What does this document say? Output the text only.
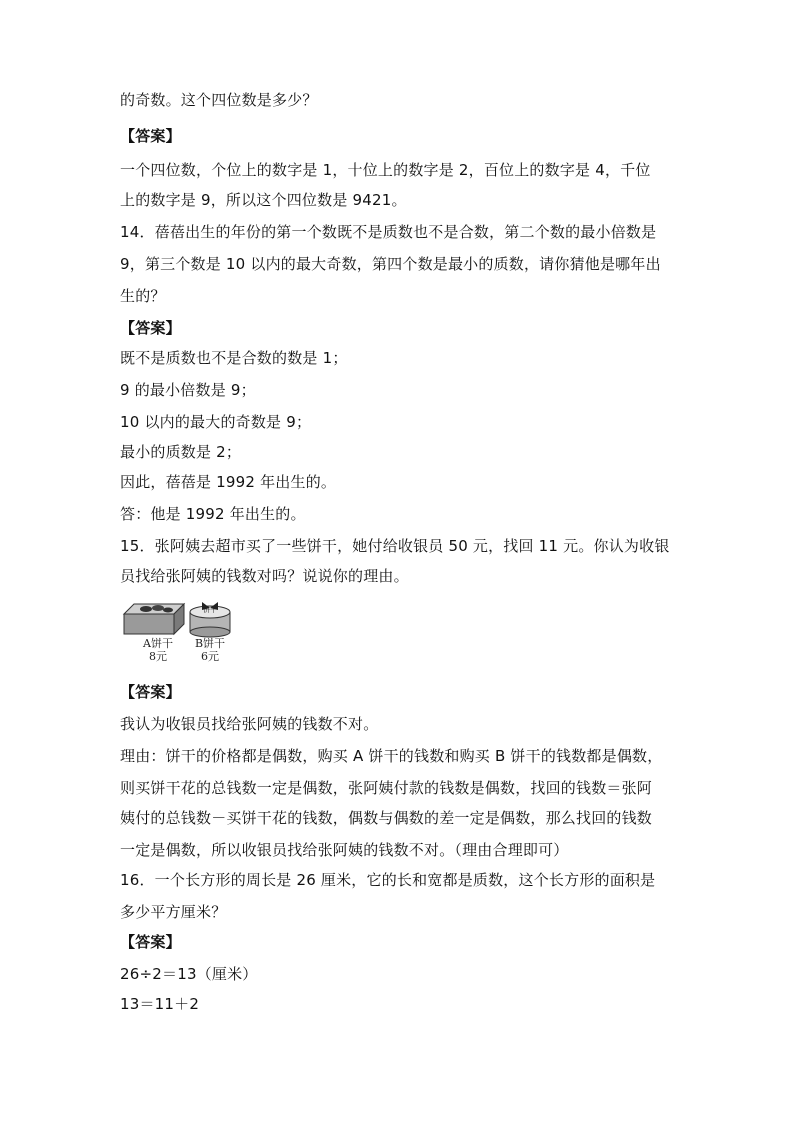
的奇数。这个四位数是多少？
【答案】
一个四位数，个位上的数字是 1，十位上的数字是 2，百位上的数字是 4，千位
上的数字是 9，所以这个四位数是 9421。
14．蓓蓓出生的年份的第一个数既不是质数也不是合数，第二个数的最小倍数是
9，第三个数是 10 以内的最大奇数，第四个数是最小的质数，请你猜他是哪年出
生的？
【答案】
既不是质数也不是合数的数是 1；
9 的最小倍数是 9；
10 以内的最大的奇数是 9；
最小的质数是 2；
因此，蓓蓓是 1992 年出生的。
答：他是 1992 年出生的。
15．张阿姨去超市买了一些饼干，她付给收银员 50 元，找回 11 元。你认为收银
员找给张阿姨的钱数对吗？说说你的理由。
A饼干
8元
B饼干
6元
饼干
【答案】
我认为收银员找给张阿姨的钱数不对。
理由：饼干的价格都是偶数，购买 A 饼干的钱数和购买 B 饼干的钱数都是偶数，
则买饼干花的总钱数一定是偶数，张阿姨付款的钱数是偶数，找回的钱数＝张阿
姨付的总钱数－买饼干花的钱数，偶数与偶数的差一定是偶数，那么找回的钱数
一定是偶数，所以收银员找给张阿姨的钱数不对。（理由合理即可）
16．一个长方形的周长是 26 厘米，它的长和宽都是质数，这个长方形的面积是
多少平方厘米？
【答案】
26÷2＝13（厘米）
13＝11＋2
